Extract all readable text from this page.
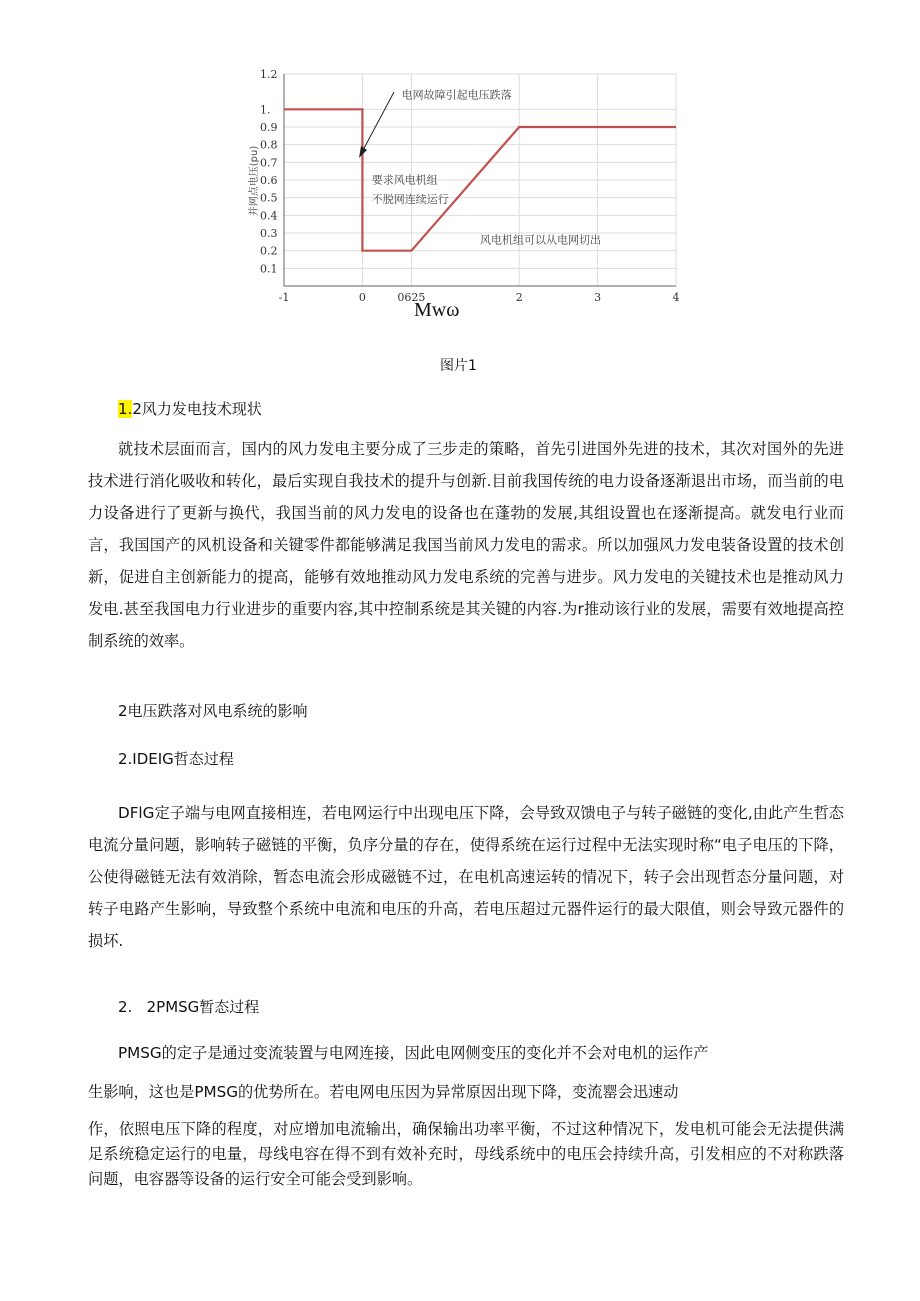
-1	0	0625	2	3	4
0.1
0.2
0.3
0.4
0.5
0.6
0.7
0.8
0.9
1.
1.2
电网故障引起电压跌落
要求风电机组
不脱网连续运行
风电机组可以从电网切出
并网点电压(pu)
Mwω
图片1
1.2风力发电技术现状
就技术层面而言，国内的风力发电主要分成了三步走的策略，首先引进国外先进的技术，其次对国外的先进技术进行消化吸收和转化，最后实现自我技术的提升与创新.目前我国传统的电力设备逐渐退出市场，而当前的电力设备进行了更新与换代，我国当前的风力发电的设备也在蓬勃的发展,其组设置也在逐渐提高。就发电行业而言，我国国产的风机设备和关键零件都能够满足我国当前风力发电的需求。所以加强风力发电装备设置的技术创新，促进自主创新能力的提高，能够有效地推动风力发电系统的完善与进步。风力发电的关键技术也是推动风力发电.甚至我国电力行业进步的重要内容,其中控制系统是其关键的内容.为r推动该行业的发展，需要有效地提高控制系统的效率。
2电压跌落对风电系统的影响
2.IDEIG哲态过程
DFlG定子端与电网直接相连，若电网运行中出现电压下降，会导致双馈电子与转子磁链的变化,由此产生哲态电流分量问题，影响转子磁链的平衡，负序分量的存在，使得系统在运行过程中无法实现时称“电子电压的下降，公使得磁链无法有效消除，暂态电流会形成磁链不过，在电机高速运转的情况下，转子会出现哲态分量问题，对转子电路产生影响，导致整个系统中电流和电压的升高，若电压超过元器件运行的最大限值，则会导致元器件的损坏.
2.   2PMSG暂态过程
PMSG的定子是通过变流装置与电网连接，因此电网侧变压的变化并不会对电机的运作产
生影响，这也是PMSG的优势所在。若电网电压因为异常原因出现下降，变流罂会迅速动
作，依照电压下降的程度，对应增加电流输出，确保输出功率平衡，不过这种情况下，发电机可能会无法提供满足系统稳定运行的电量，母线电容在得不到有效补充时，母线系统中的电压会持续升高，引发相应的不对称跌落问题，电容器等设备的运行安全可能会受到影响。
